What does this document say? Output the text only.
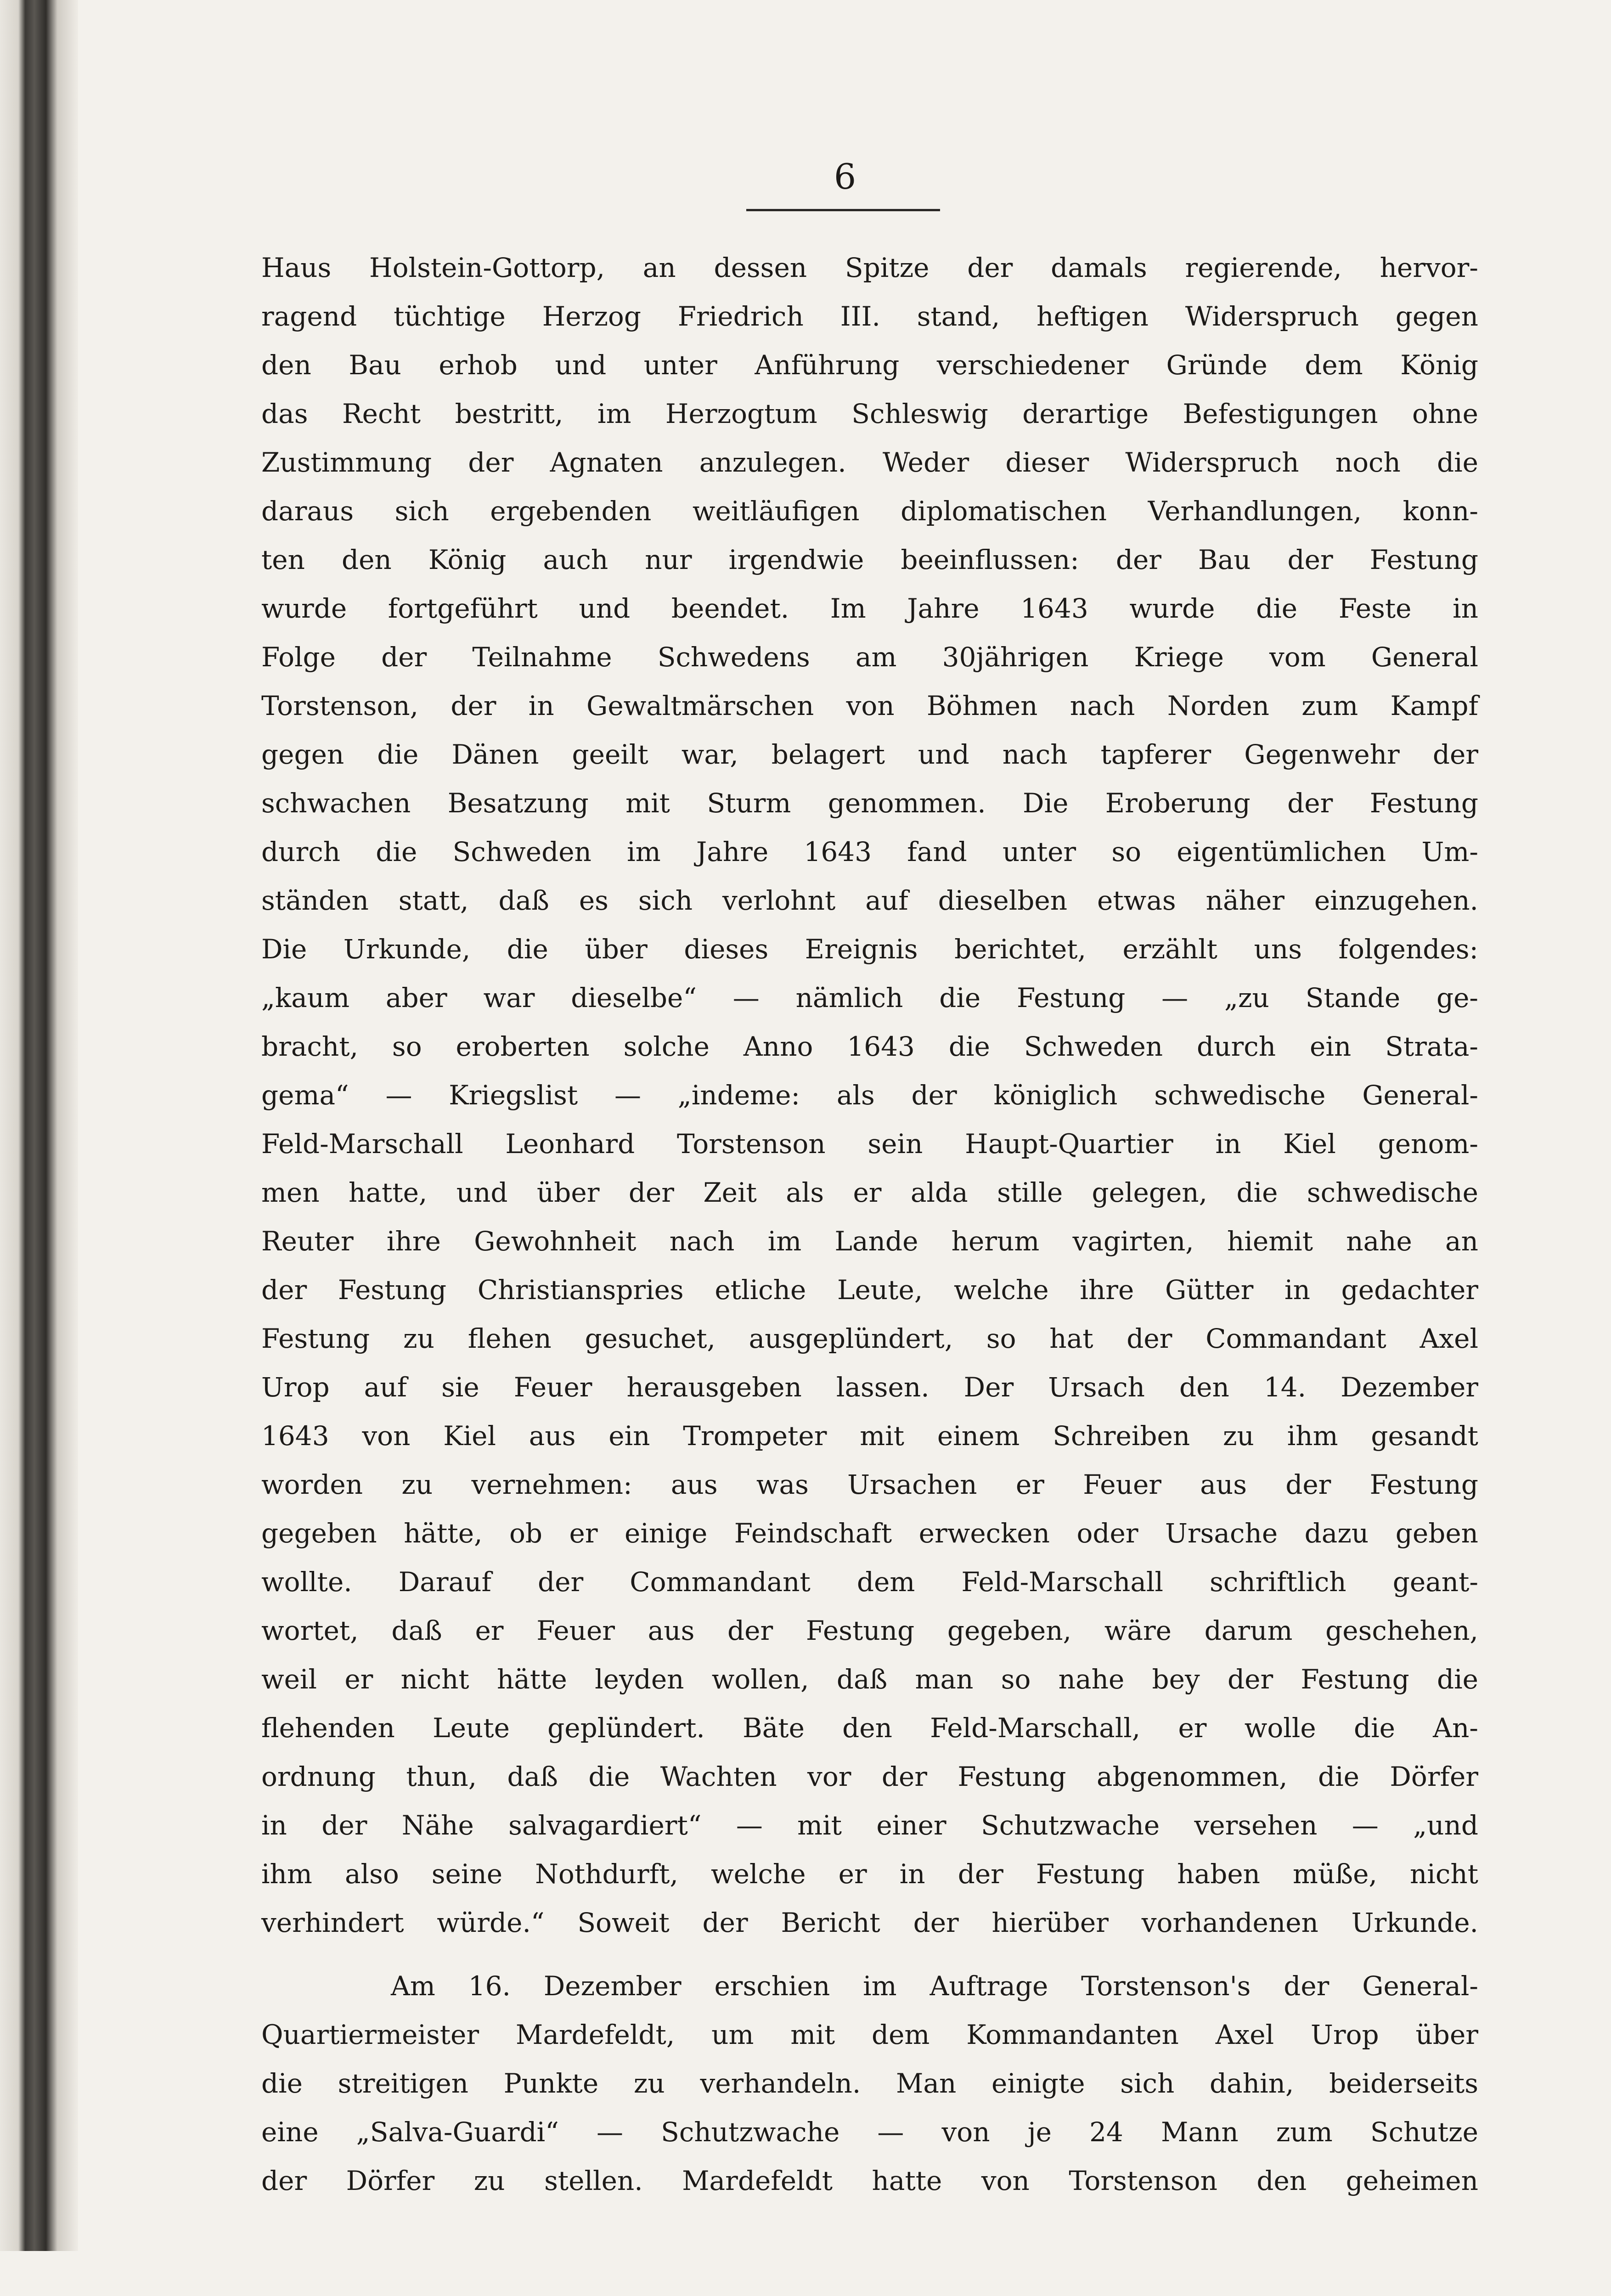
6
Haus Holstein-Gottorp, an dessen Spitze der damals regierende, hervor-
ragend tüchtige Herzog Friedrich III. stand, heftigen Widerspruch gegen
den Bau erhob und unter Anführung verschiedener Gründe dem König
das Recht bestritt, im Herzogtum Schleswig derartige Befestigungen ohne
Zustimmung der Agnaten anzulegen. Weder dieser Widerspruch noch die
daraus sich ergebenden weitläufigen diplomatischen Verhandlungen, konn-
ten den König auch nur irgendwie beeinflussen: der Bau der Festung
wurde fortgeführt und beendet. Im Jahre 1643 wurde die Feste in
Folge der Teilnahme Schwedens am 30jährigen Kriege vom General
Torstenson, der in Gewaltmärschen von Böhmen nach Norden zum Kampf
gegen die Dänen geeilt war, belagert und nach tapferer Gegenwehr der
schwachen Besatzung mit Sturm genommen. Die Eroberung der Festung
durch die Schweden im Jahre 1643 fand unter so eigentümlichen Um-
ständen statt, daß es sich verlohnt auf dieselben etwas näher einzugehen.
Die Urkunde, die über dieses Ereignis berichtet, erzählt uns folgendes:
„kaum aber war dieselbe“ — nämlich die Festung — „zu Stande ge-
bracht, so eroberten solche Anno 1643 die Schweden durch ein Strata-
gema“ — Kriegslist — „indeme: als der königlich schwedische General-
Feld-Marschall Leonhard Torstenson sein Haupt-Quartier in Kiel genom-
men hatte, und über der Zeit als er alda stille gelegen, die schwedische
Reuter ihre Gewohnheit nach im Lande herum vagirten, hiemit nahe an
der Festung Christianspries etliche Leute, welche ihre Gütter in gedachter
Festung zu flehen gesuchet, ausgeplündert, so hat der Commandant Axel
Urop auf sie Feuer herausgeben lassen. Der Ursach den 14. Dezember
1643 von Kiel aus ein Trompeter mit einem Schreiben zu ihm gesandt
worden zu vernehmen: aus was Ursachen er Feuer aus der Festung
gegeben hätte, ob er einige Feindschaft erwecken oder Ursache dazu geben
wollte. Darauf der Commandant dem Feld-Marschall schriftlich geant-
wortet, daß er Feuer aus der Festung gegeben, wäre darum geschehen,
weil er nicht hätte leyden wollen, daß man so nahe bey der Festung die
flehenden Leute geplündert. Bäte den Feld-Marschall, er wolle die An-
ordnung thun, daß die Wachten vor der Festung abgenommen, die Dörfer
in der Nähe salvagardiert“ — mit einer Schutzwache versehen — „und
ihm also seine Nothdurft, welche er in der Festung haben müße, nicht
verhindert würde.“ Soweit der Bericht der hierüber vorhandenen Urkunde.
Am 16. Dezember erschien im Auftrage Torstenson's der General-
Quartiermeister Mardefeldt, um mit dem Kommandanten Axel Urop über
die streitigen Punkte zu verhandeln. Man einigte sich dahin, beiderseits
eine „Salva-Guardi“ — Schutzwache — von je 24 Mann zum Schutze
der Dörfer zu stellen. Mardefeldt hatte von Torstenson den geheimen
